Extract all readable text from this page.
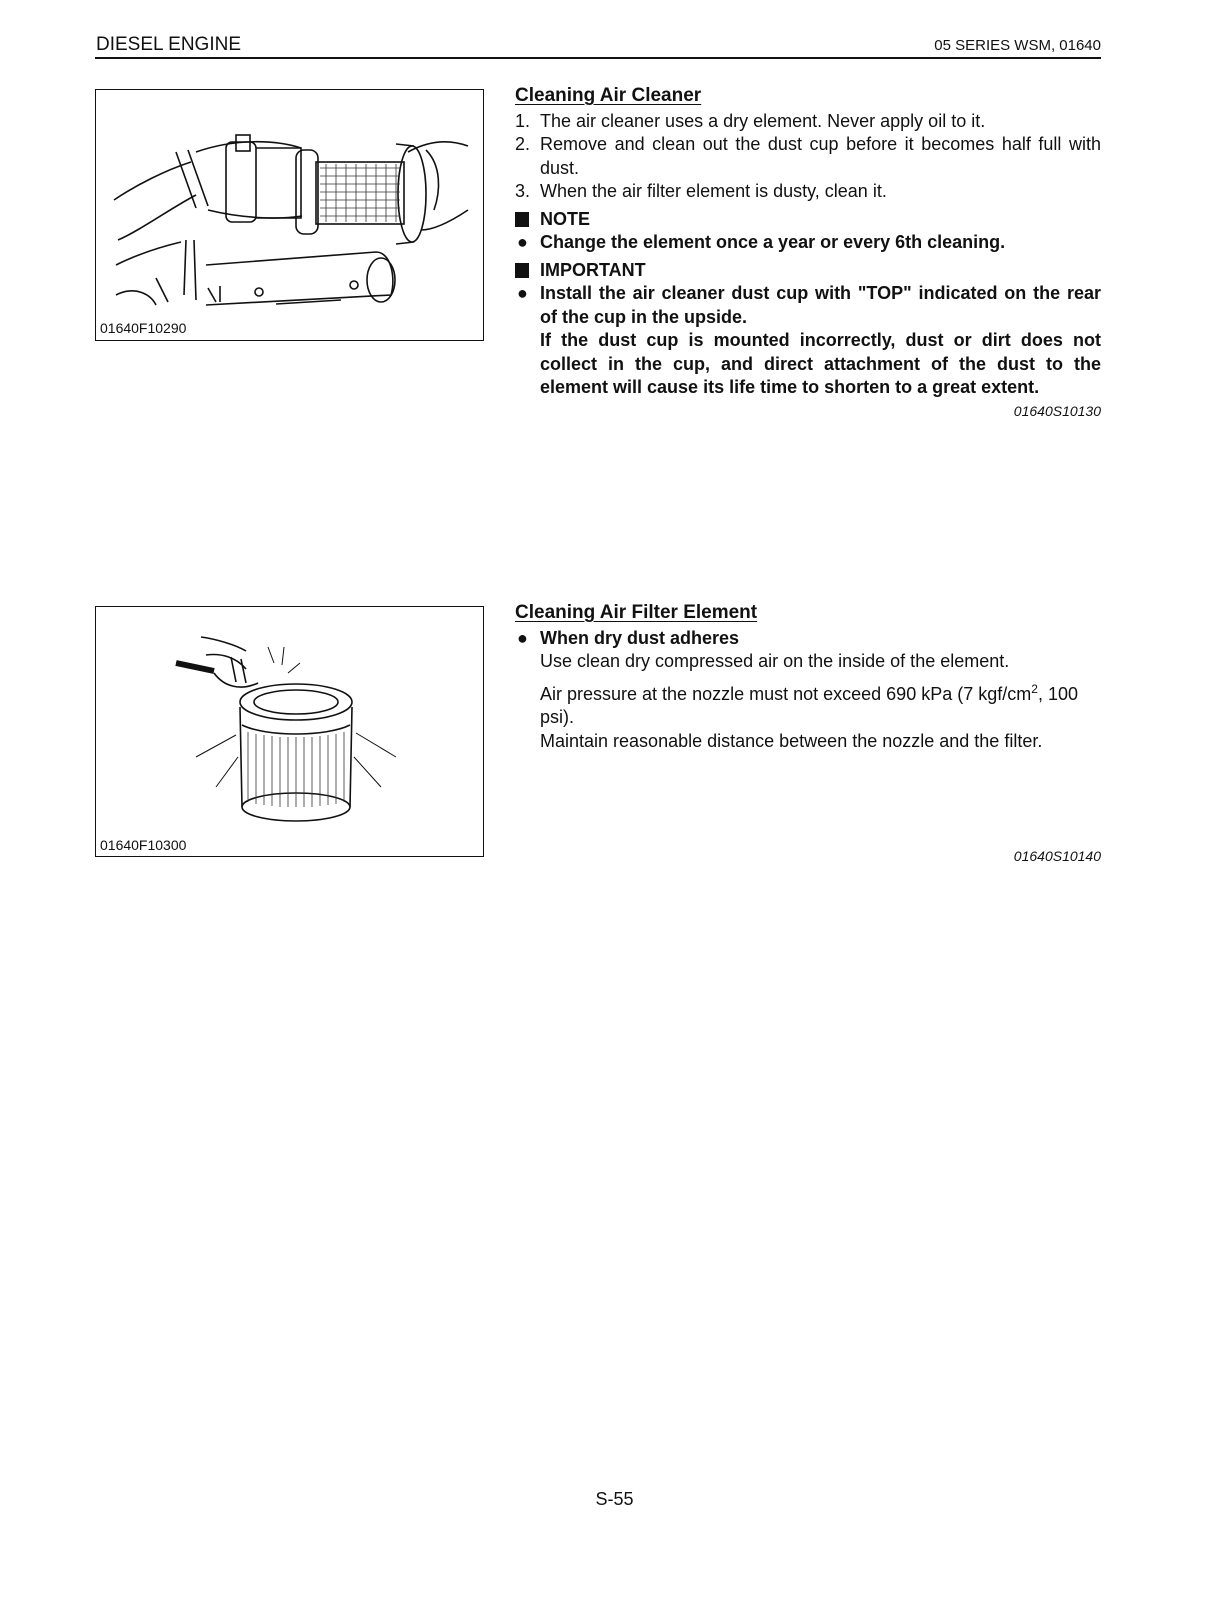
DIESEL ENGINE	05 SERIES WSM, 01640
01640F10290
01640F10300
Cleaning Air Cleaner
1. The air cleaner uses a dry element. Never apply oil to it.
2. Remove and clean out the dust cup before it becomes half full with dust.
3. When the air filter element is dusty, clean it.
NOTE
● Change the element once a year or every 6th cleaning.
IMPORTANT
● Install the air cleaner dust cup with "TOP" indicated on the rear of the cup in the upside.
If the dust cup is mounted incorrectly, dust or dirt does not collect in the cup, and direct attachment of the dust to the element will cause its life time to shorten to a great extent.
01640S10130
Cleaning Air Filter Element
● When dry dust adheres
Use clean dry compressed air on the inside of the element.
Air pressure at the nozzle must not exceed 690 kPa (7 kgf/$cm^2$, 100 psi).
Maintain reasonable distance between the nozzle and the filter.
01640S10140
S-55
